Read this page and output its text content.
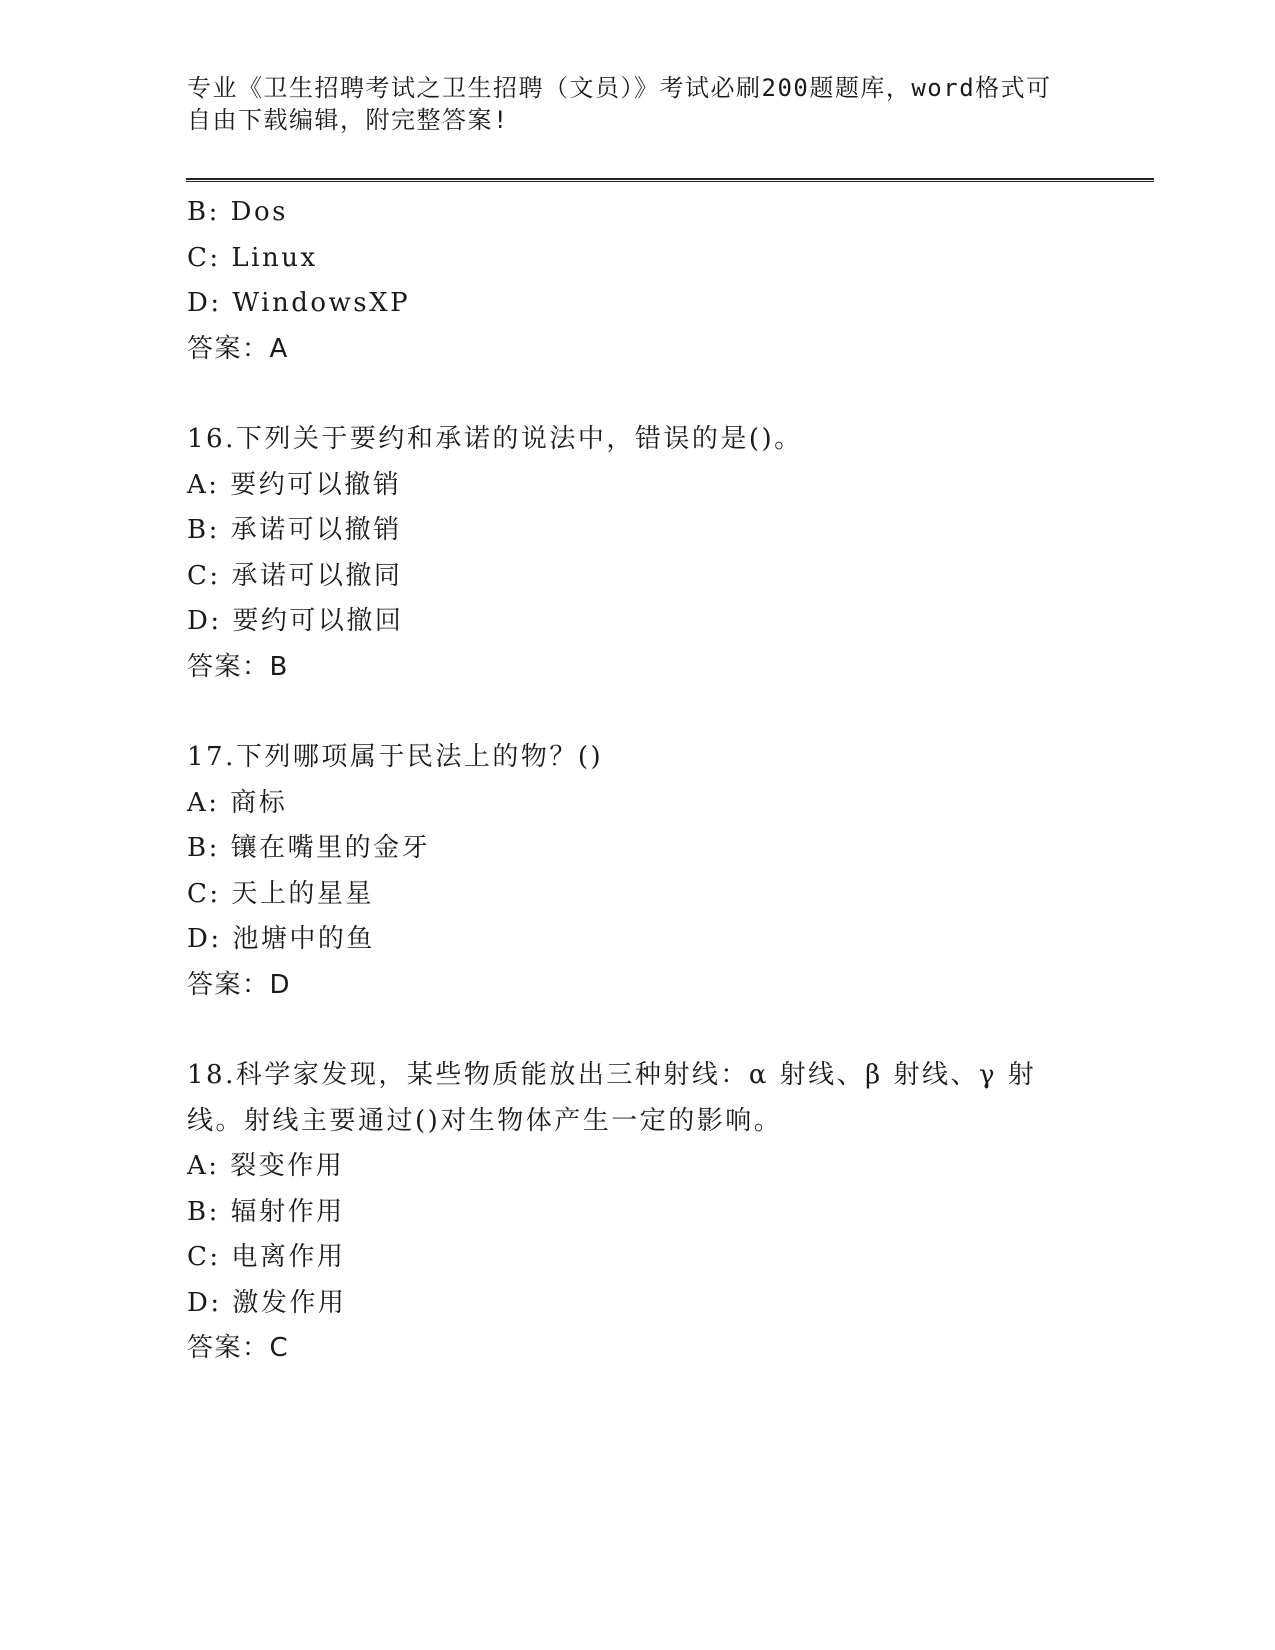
专业《卫生招聘考试之卫生招聘（文员）》考试必刷200题题库，word格式可自由下载编辑，附完整答案!
B: Dos
C: Linux
D: WindowsXP
答案：A
16.下列关于要约和承诺的说法中，错误的是()。
A: 要约可以撤销
B: 承诺可以撤销
C: 承诺可以撤同
D: 要约可以撤回
答案：B
17.下列哪项属于民法上的物？()
A: 商标
B: 镶在嘴里的金牙
C: 天上的星星
D: 池塘中的鱼
答案：D
18.科学家发现，某些物质能放出三种射线：α 射线、β 射线、γ 射线。射线主要通过()对生物体产生一定的影响。
A: 裂变作用
B: 辐射作用
C: 电离作用
D: 激发作用
答案：C
